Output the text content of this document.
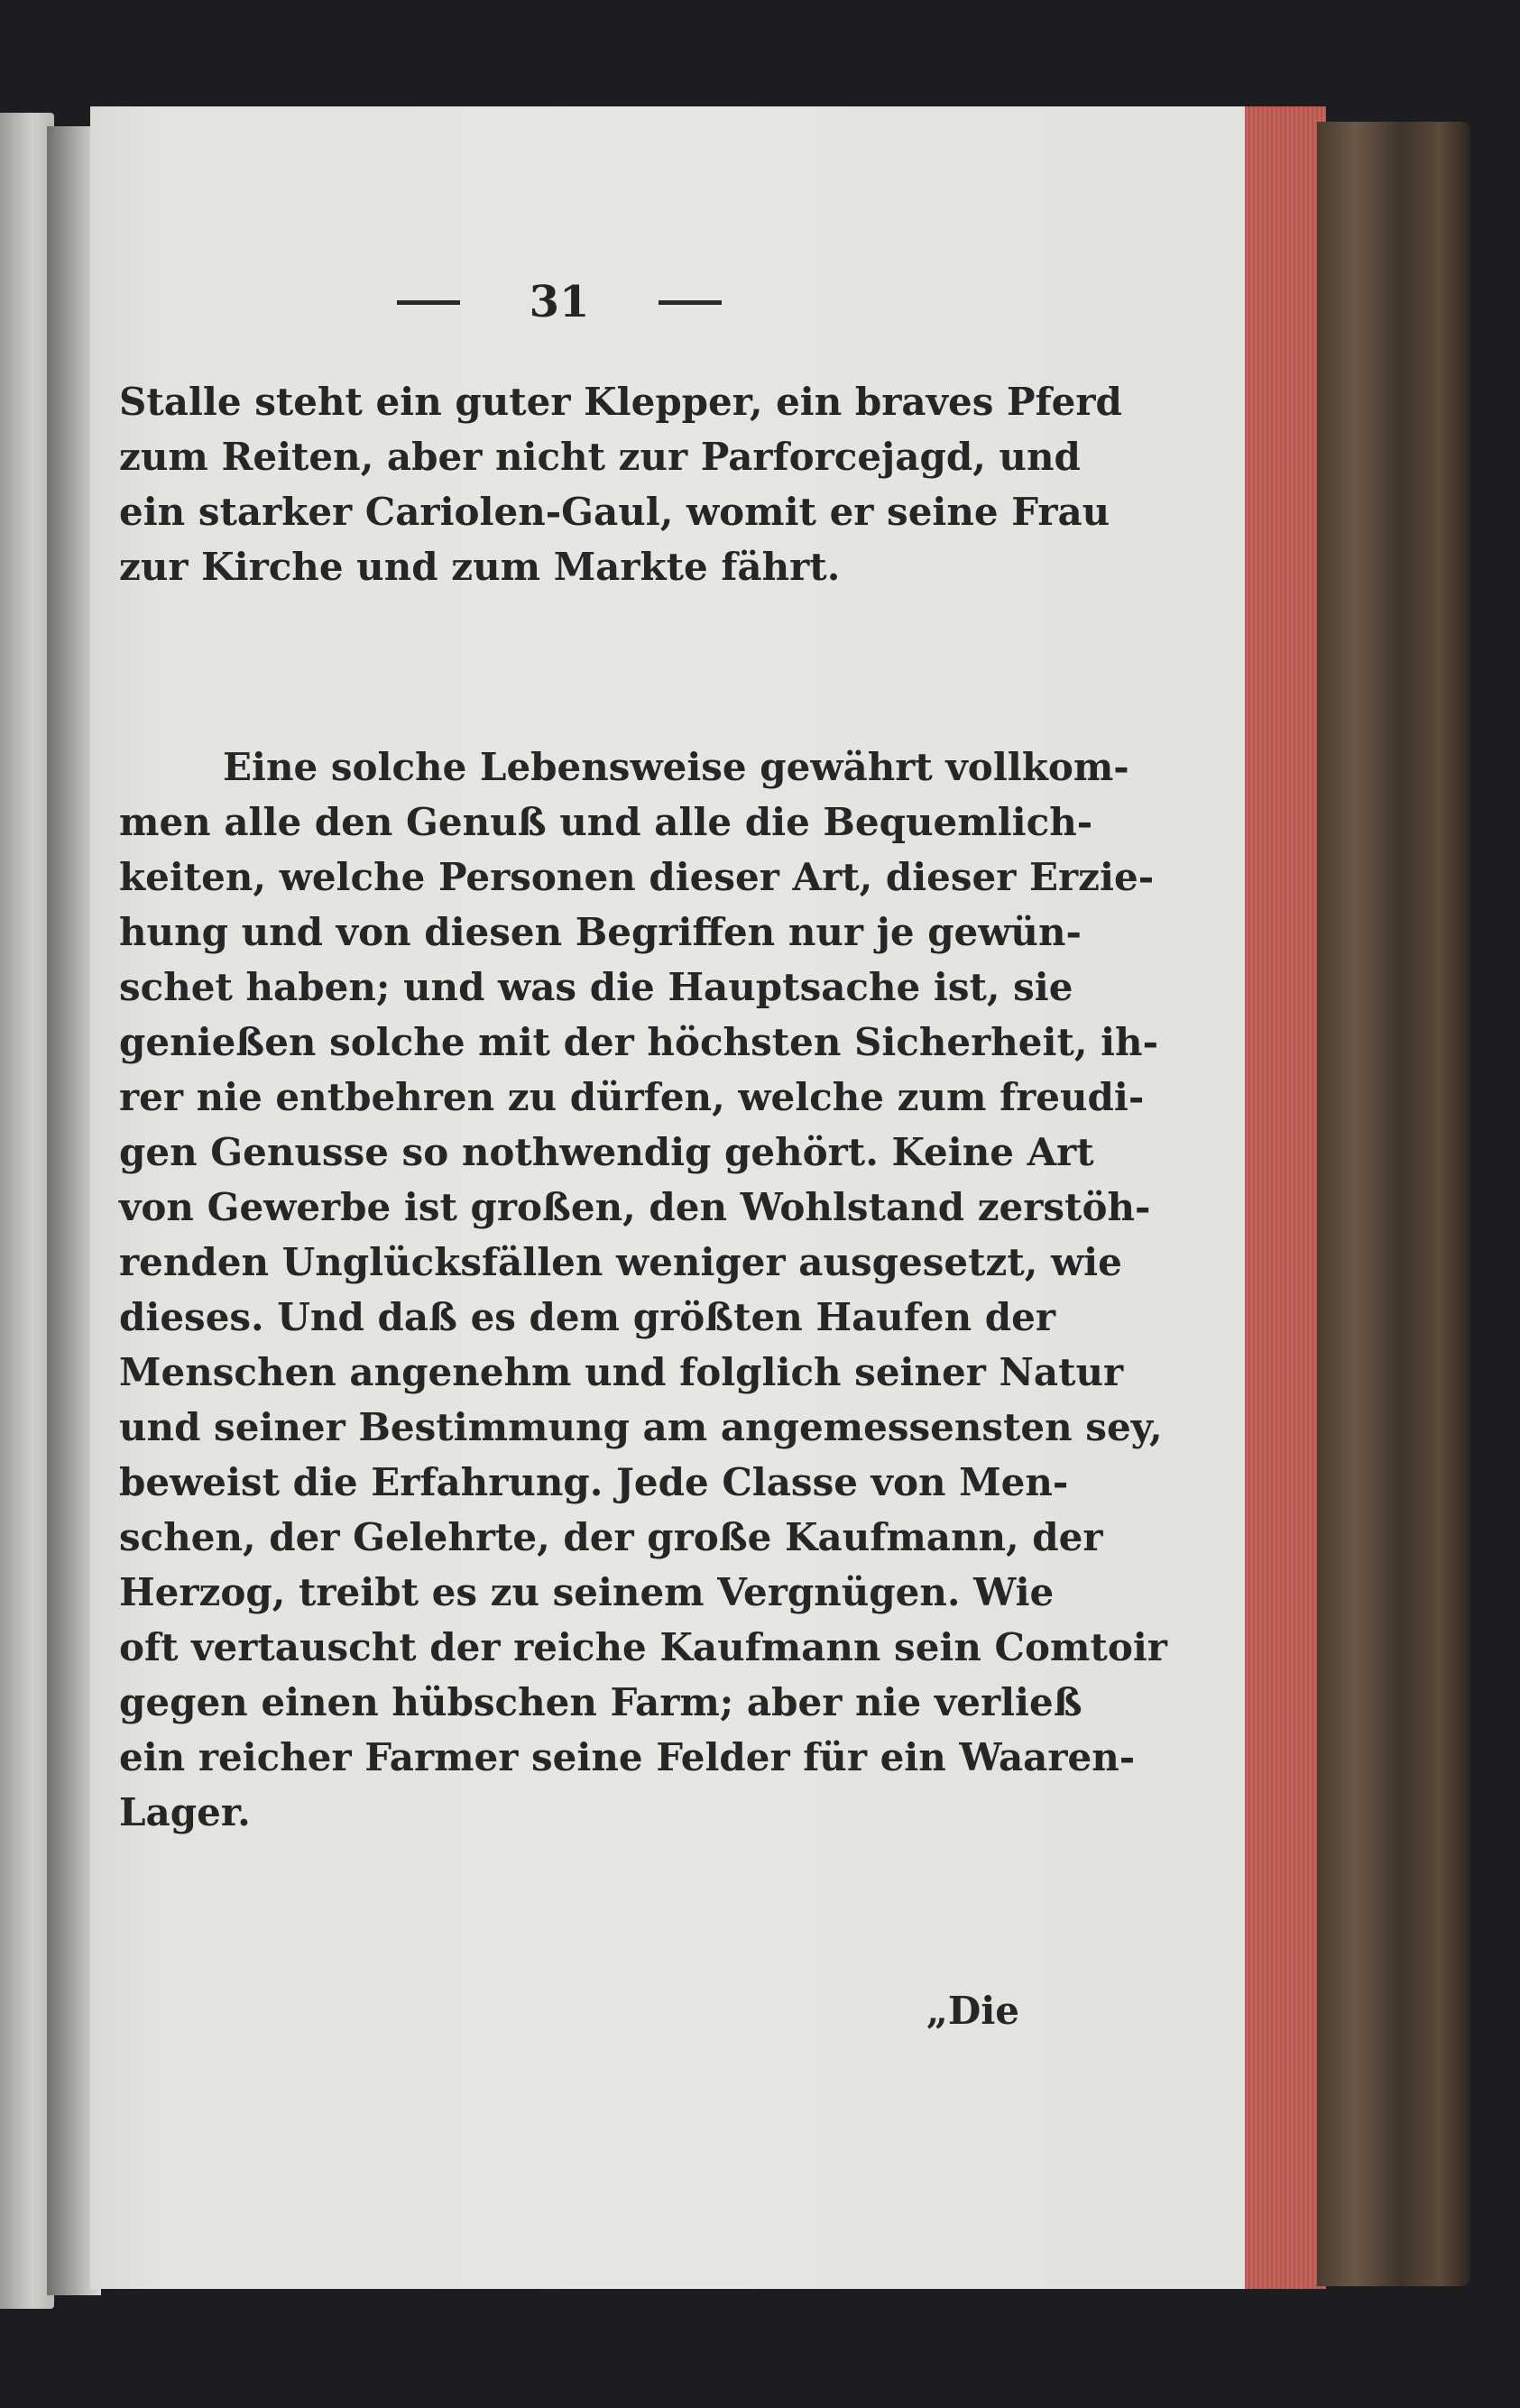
31

Stalle steht ein guter Klepper, ein braves Pferd
zum Reiten, aber nicht zur Parforcejagd, und
ein starker Cariolen-Gaul, womit er seine Frau
zur Kirche und zum Markte fährt.

Eine solche Lebensweise gewährt vollkom-
men alle den Genuß und alle die Bequemlich-
keiten, welche Personen dieser Art, dieser Erzie-
hung und von diesen Begriffen nur je gewün-
schet haben; und was die Hauptsache ist, sie
genießen solche mit der höchsten Sicherheit, ih-
rer nie entbehren zu dürfen, welche zum freudi-
gen Genusse so nothwendig gehört. Keine Art
von Gewerbe ist großen, den Wohlstand zerstöh-
renden Unglücksfällen weniger ausgesetzt, wie
dieses. Und daß es dem größten Haufen der
Menschen angenehm und folglich seiner Natur
und seiner Bestimmung am angemessensten sey,
beweist die Erfahrung. Jede Classe von Men-
schen, der Gelehrte, der große Kaufmann, der
Herzog, treibt es zu seinem Vergnügen. Wie
oft vertauscht der reiche Kaufmann sein Comtoir
gegen einen hübschen Farm; aber nie verließ
ein reicher Farmer seine Felder für ein Waaren-
Lager.

„Die
